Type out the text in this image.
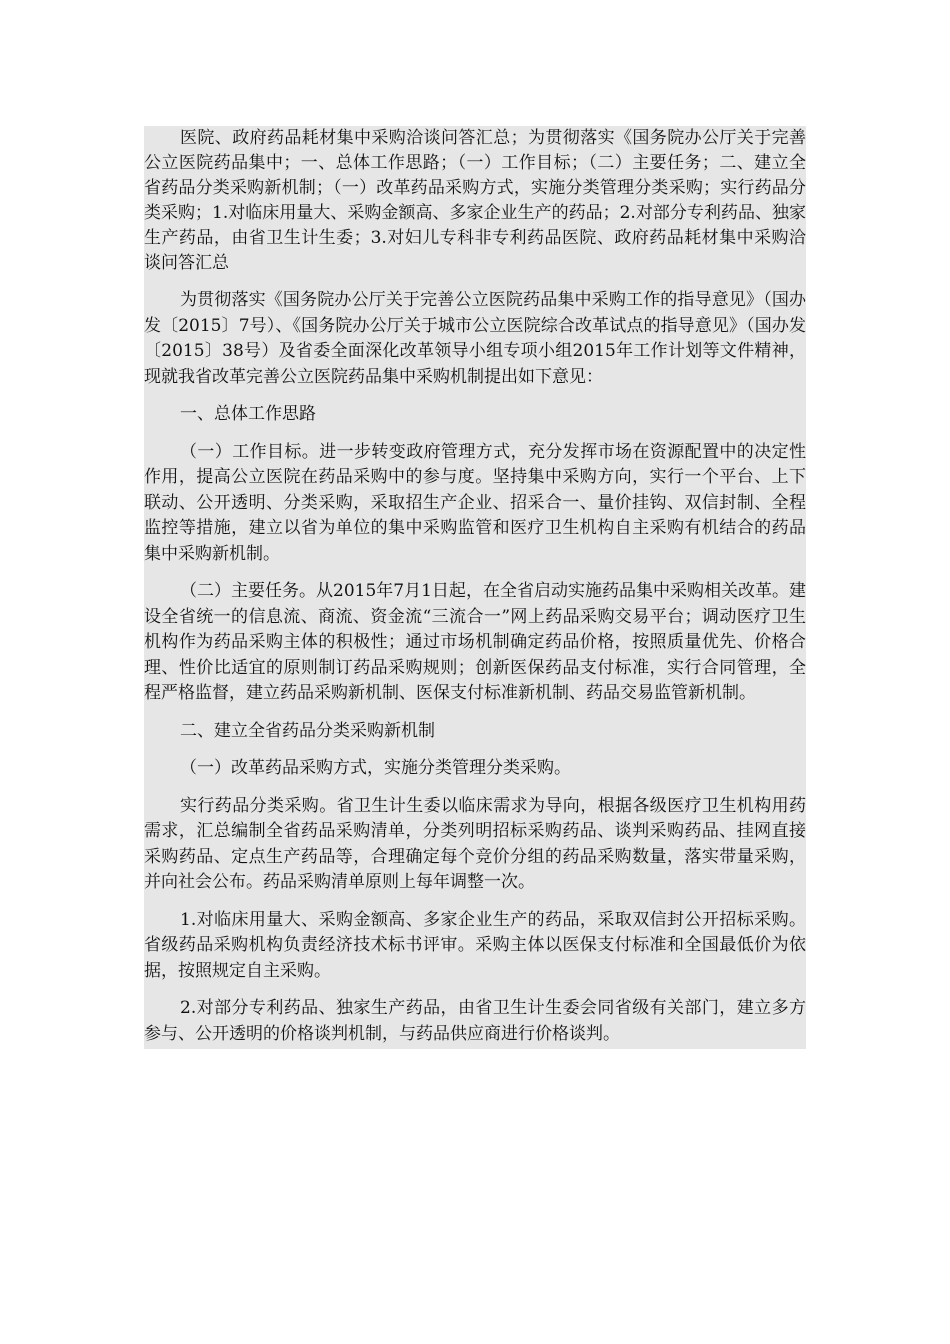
医院、政府药品耗材集中采购洽谈问答汇总；为贯彻落实《国务院办公厅关于完善公立医院药品集中；一、总体工作思路；（一）工作目标；（二）主要任务；二、建立全省药品分类采购新机制；（一）改革药品采购方式，实施分类管理分类采购；实行药品分类采购；1.对临床用量大、采购金额高、多家企业生产的药品；2.对部分专利药品、独家生产药品，由省卫生计生委；3.对妇儿专科非专利药品医院、政府药品耗材集中采购洽谈问答汇总

为贯彻落实《国务院办公厅关于完善公立医院药品集中采购工作的指导意见》（国办发〔2015〕7号）、《国务院办公厅关于城市公立医院综合改革试点的指导意见》（国办发〔2015〕38号）及省委全面深化改革领导小组专项小组2015年工作计划等文件精神，现就我省改革完善公立医院药品集中采购机制提出如下意见：

一、总体工作思路

（一）工作目标。进一步转变政府管理方式，充分发挥市场在资源配置中的决定性作用，提高公立医院在药品采购中的参与度。坚持集中采购方向，实行一个平台、上下联动、公开透明、分类采购，采取招生产企业、招采合一、量价挂钩、双信封制、全程监控等措施，建立以省为单位的集中采购监管和医疗卫生机构自主采购有机结合的药品集中采购新机制。

（二）主要任务。从2015年7月1日起，在全省启动实施药品集中采购相关改革。建设全省统一的信息流、商流、资金流“三流合一”网上药品采购交易平台；调动医疗卫生机构作为药品采购主体的积极性；通过市场机制确定药品价格，按照质量优先、价格合理、性价比适宜的原则制订药品采购规则；创新医保药品支付标准，实行合同管理，全程严格监督，建立药品采购新机制、医保支付标准新机制、药品交易监管新机制。

二、建立全省药品分类采购新机制

（一）改革药品采购方式，实施分类管理分类采购。

实行药品分类采购。省卫生计生委以临床需求为导向，根据各级医疗卫生机构用药需求，汇总编制全省药品采购清单，分类列明招标采购药品、谈判采购药品、挂网直接采购药品、定点生产药品等，合理确定每个竞价分组的药品采购数量，落实带量采购，并向社会公布。药品采购清单原则上每年调整一次。

1.对临床用量大、采购金额高、多家企业生产的药品，采取双信封公开招标采购。省级药品采购机构负责经济技术标书评审。采购主体以医保支付标准和全国最低价为依据，按照规定自主采购。

2.对部分专利药品、独家生产药品，由省卫生计生委会同省级有关部门，建立多方参与、公开透明的价格谈判机制，与药品供应商进行价格谈判。
